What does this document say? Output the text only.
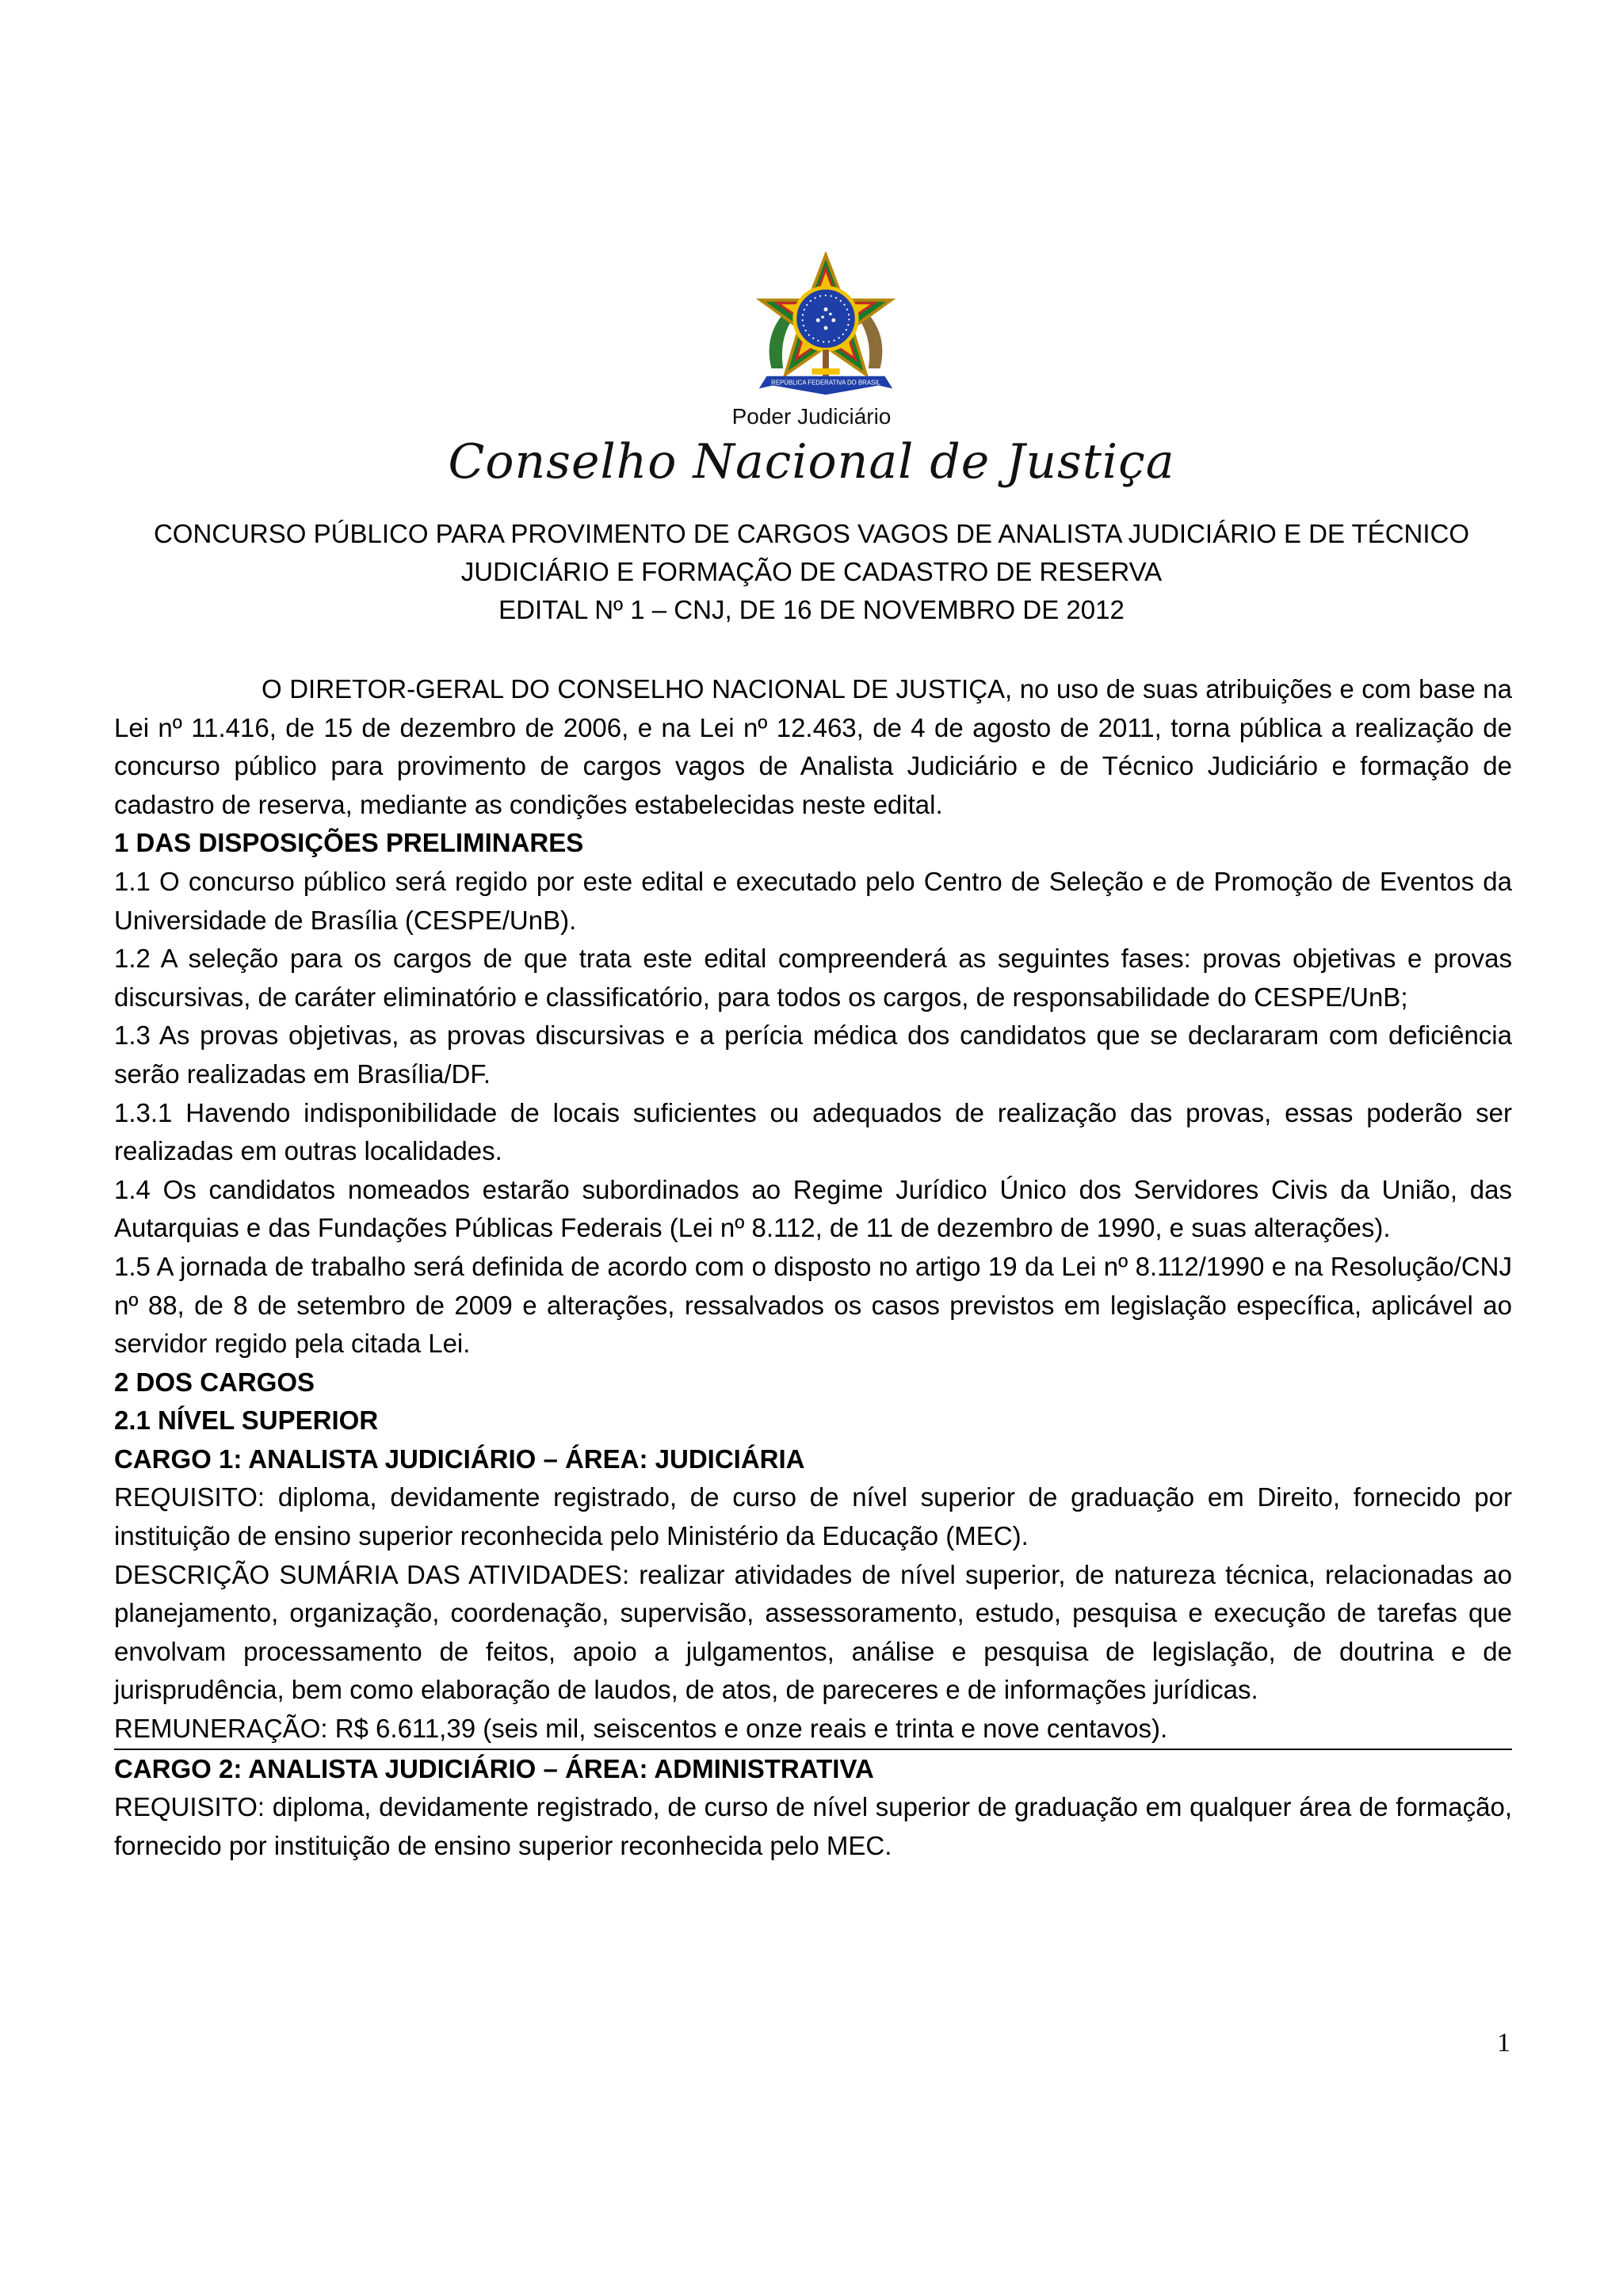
REPÚBLICA FEDERATIVA DO BRASIL
Poder Judiciário
Conselho Nacional de Justiça
CONCURSO PÚBLICO PARA PROVIMENTO DE CARGOS VAGOS DE ANALISTA JUDICIÁRIO E DE TÉCNICO
JUDICIÁRIO E FORMAÇÃO DE CADASTRO DE RESERVA
EDITAL Nº 1 – CNJ, DE 16 DE NOVEMBRO DE 2012

O DIRETOR-GERAL DO CONSELHO NACIONAL DE JUSTIÇA, no uso de suas atribuições e com base na Lei nº 11.416, de 15 de dezembro de 2006, e na Lei nº 12.463, de 4 de agosto de 2011, torna pública a realização de concurso público para provimento de cargos vagos de Analista Judiciário e de Técnico Judiciário e formação de cadastro de reserva, mediante as condições estabelecidas neste edital.

1 DAS DISPOSIÇÕES PRELIMINARES

1.1 O concurso público será regido por este edital e executado pelo Centro de Seleção e de Promoção de Eventos da Universidade de Brasília (CESPE/UnB).

1.2 A seleção para os cargos de que trata este edital compreenderá as seguintes fases: provas objetivas e provas discursivas, de caráter eliminatório e classificatório, para todos os cargos, de responsabilidade do CESPE/UnB;

1.3 As provas objetivas, as provas discursivas e a perícia médica dos candidatos que se declararam com deficiência serão realizadas em Brasília/DF.

1.3.1 Havendo indisponibilidade de locais suficientes ou adequados de realização das provas, essas poderão ser realizadas em outras localidades.

1.4 Os candidatos nomeados estarão subordinados ao Regime Jurídico Único dos Servidores Civis da União, das Autarquias e das Fundações Públicas Federais (Lei nº 8.112, de 11 de dezembro de 1990, e suas alterações).

1.5 A jornada de trabalho será definida de acordo com o disposto no artigo 19 da Lei nº 8.112/1990 e na Resolução/CNJ nº 88, de 8 de setembro de 2009 e alterações, ressalvados os casos previstos em legislação específica, aplicável ao servidor regido pela citada Lei.

2 DOS CARGOS

2.1 NÍVEL SUPERIOR

CARGO 1: ANALISTA JUDICIÁRIO – ÁREA: JUDICIÁRIA

REQUISITO: diploma, devidamente registrado, de curso de nível superior de graduação em Direito, fornecido por instituição de ensino superior reconhecida pelo Ministério da Educação (MEC).

DESCRIÇÃO SUMÁRIA DAS ATIVIDADES: realizar atividades de nível superior, de natureza técnica, relacionadas ao planejamento, organização, coordenação, supervisão, assessoramento, estudo, pesquisa e execução de tarefas que envolvam processamento de feitos, apoio a julgamentos, análise e pesquisa de legislação, de doutrina e de jurisprudência, bem como elaboração de laudos, de atos, de pareceres e de informações jurídicas.

REMUNERAÇÃO: R$ 6.611,39 (seis mil, seiscentos e onze reais e trinta e nove centavos).

CARGO 2: ANALISTA JUDICIÁRIO – ÁREA: ADMINISTRATIVA

REQUISITO: diploma, devidamente registrado, de curso de nível superior de graduação em qualquer área de formação, fornecido por instituição de ensino superior reconhecida pelo MEC.

1
